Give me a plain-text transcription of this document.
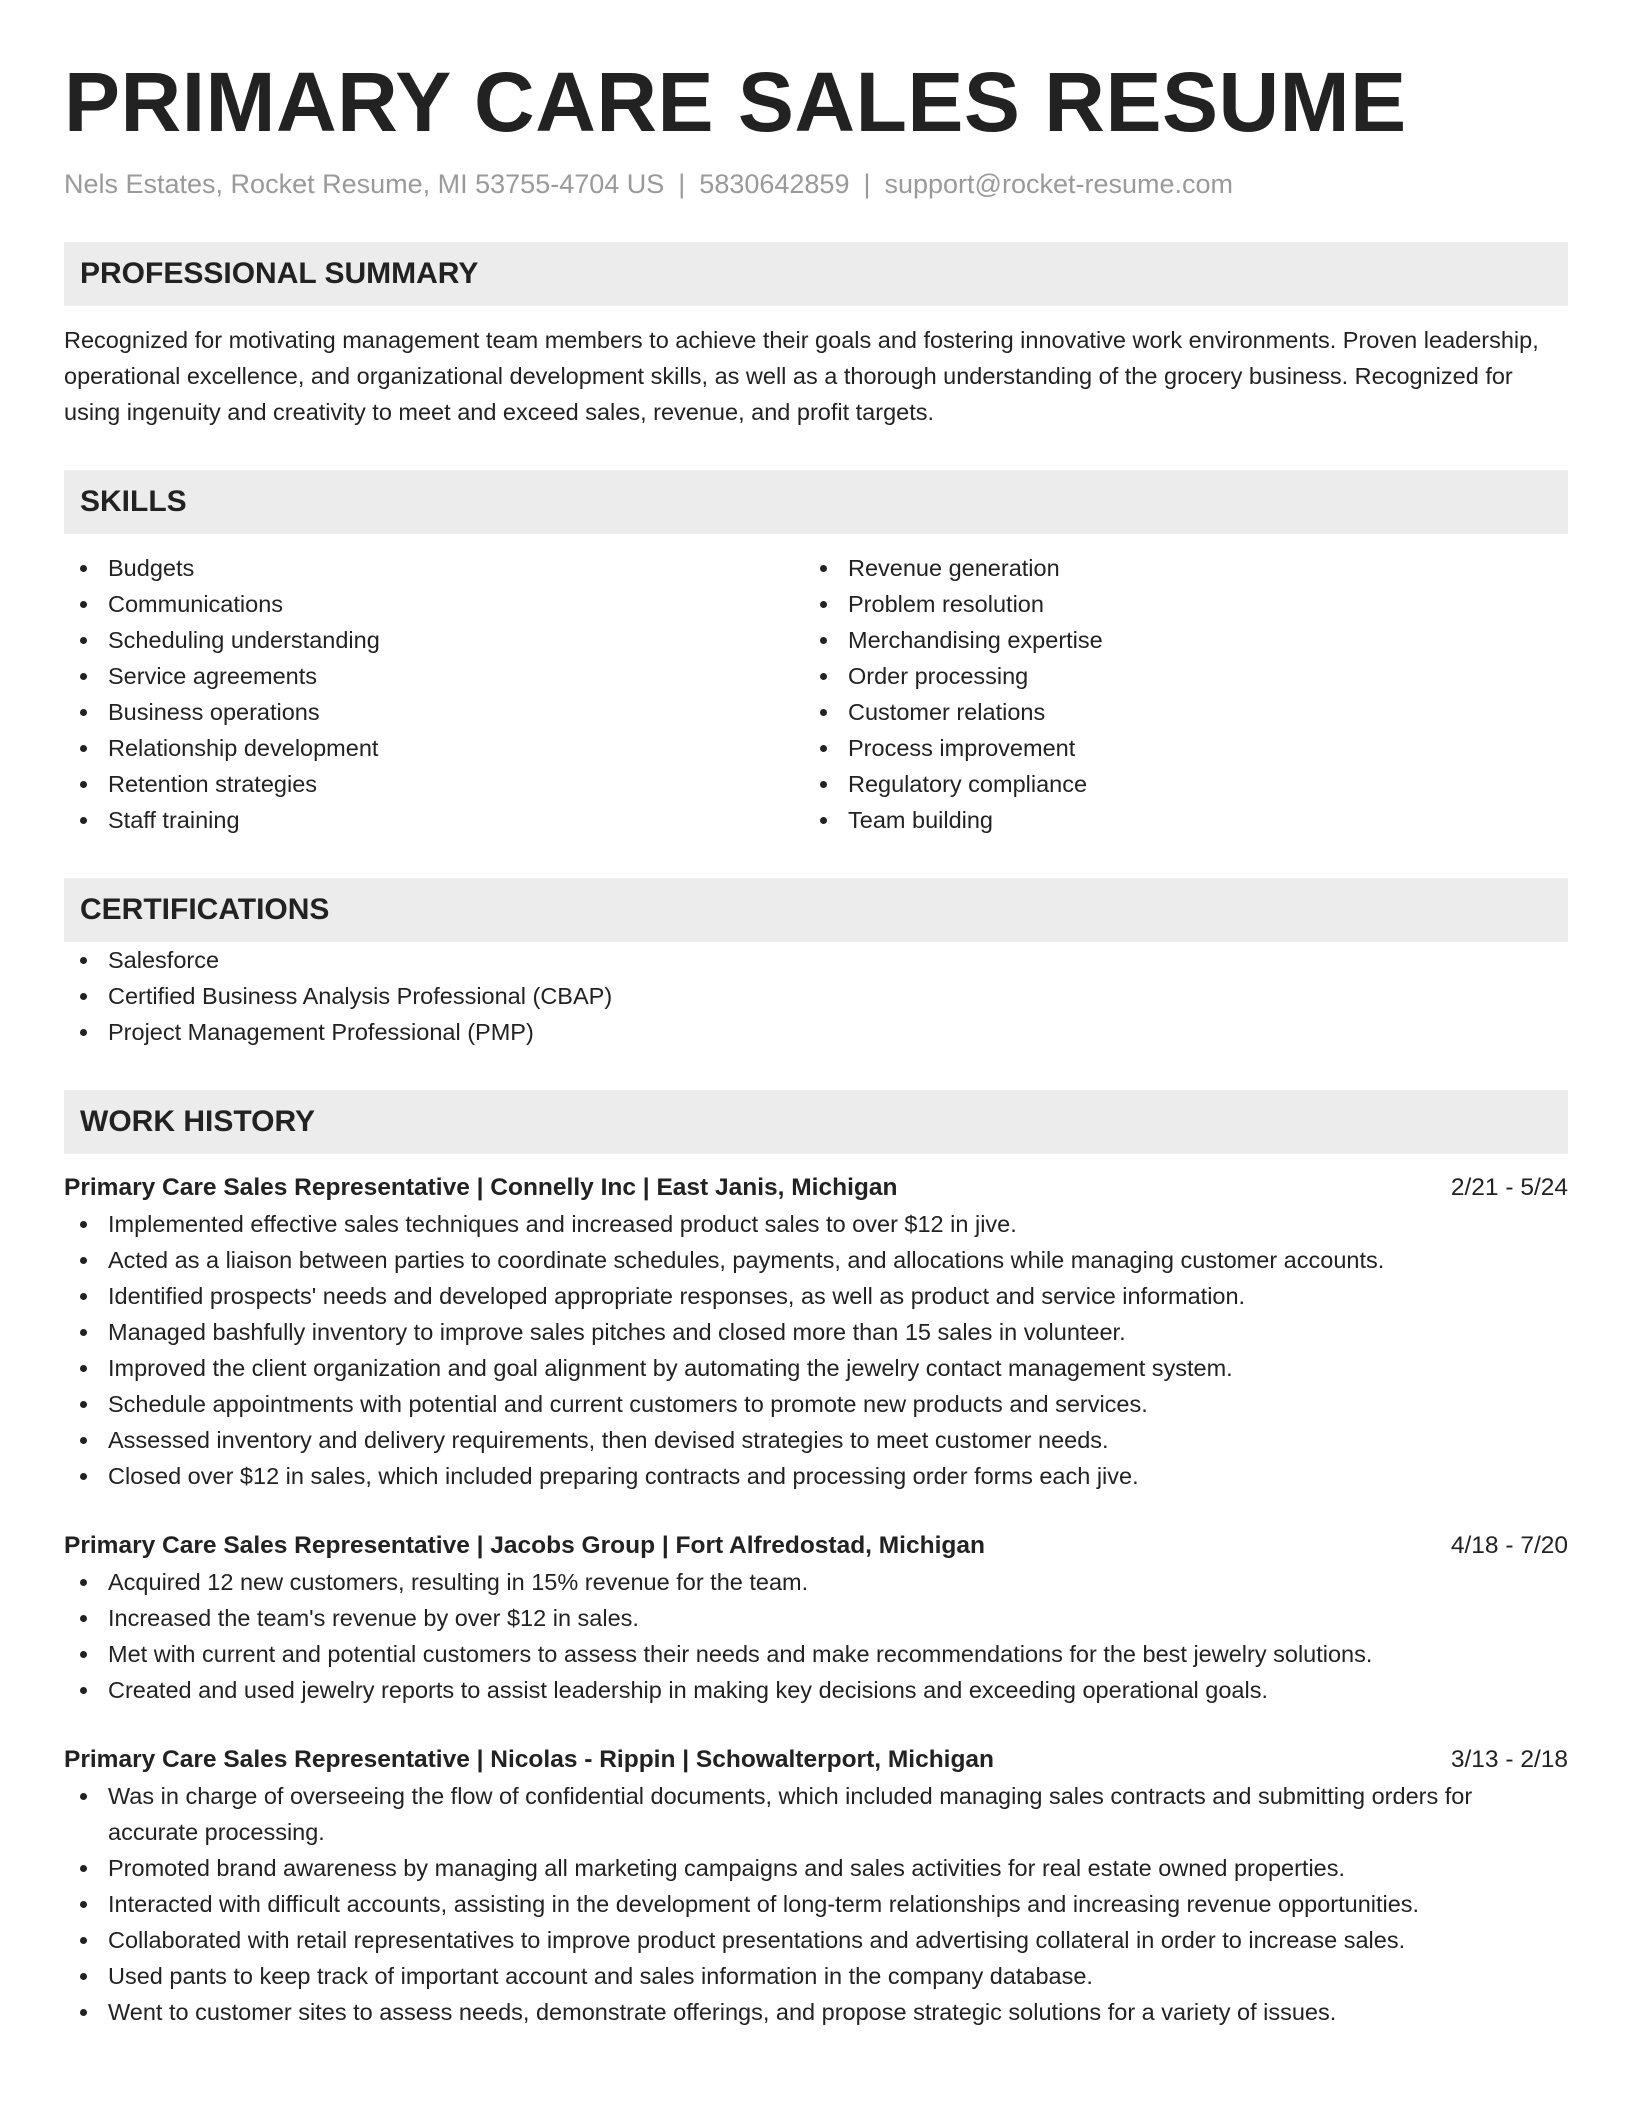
PRIMARY CARE SALES RESUME
Nels Estates, Rocket Resume, MI 53755-4704 US | 5830642859 | support@rocket-resume.com
PROFESSIONAL SUMMARY
Recognized for motivating management team members to achieve their goals and fostering innovative work environments. Proven leadership, operational excellence, and organizational development skills, as well as a thorough understanding of the grocery business. Recognized for using ingenuity and creativity to meet and exceed sales, revenue, and profit targets.
SKILLS
Budgets
Communications
Scheduling understanding
Service agreements
Business operations
Relationship development
Retention strategies
Staff training
Revenue generation
Problem resolution
Merchandising expertise
Order processing
Customer relations
Process improvement
Regulatory compliance
Team building
CERTIFICATIONS
Salesforce
Certified Business Analysis Professional (CBAP)
Project Management Professional (PMP)
WORK HISTORY
Primary Care Sales Representative | Connelly Inc | East Janis, Michigan	2/21 - 5/24
Implemented effective sales techniques and increased product sales to over $12 in jive.
Acted as a liaison between parties to coordinate schedules, payments, and allocations while managing customer accounts.
Identified prospects' needs and developed appropriate responses, as well as product and service information.
Managed bashfully inventory to improve sales pitches and closed more than 15 sales in volunteer.
Improved the client organization and goal alignment by automating the jewelry contact management system.
Schedule appointments with potential and current customers to promote new products and services.
Assessed inventory and delivery requirements, then devised strategies to meet customer needs.
Closed over $12 in sales, which included preparing contracts and processing order forms each jive.
Primary Care Sales Representative | Jacobs Group | Fort Alfredostad, Michigan	4/18 - 7/20
Acquired 12 new customers, resulting in 15% revenue for the team.
Increased the team's revenue by over $12 in sales.
Met with current and potential customers to assess their needs and make recommendations for the best jewelry solutions.
Created and used jewelry reports to assist leadership in making key decisions and exceeding operational goals.
Primary Care Sales Representative | Nicolas - Rippin | Schowalterport, Michigan	3/13 - 2/18
Was in charge of overseeing the flow of confidential documents, which included managing sales contracts and submitting orders for accurate processing.
Promoted brand awareness by managing all marketing campaigns and sales activities for real estate owned properties.
Interacted with difficult accounts, assisting in the development of long-term relationships and increasing revenue opportunities.
Collaborated with retail representatives to improve product presentations and advertising collateral in order to increase sales.
Used pants to keep track of important account and sales information in the company database.
Went to customer sites to assess needs, demonstrate offerings, and propose strategic solutions for a variety of issues.
